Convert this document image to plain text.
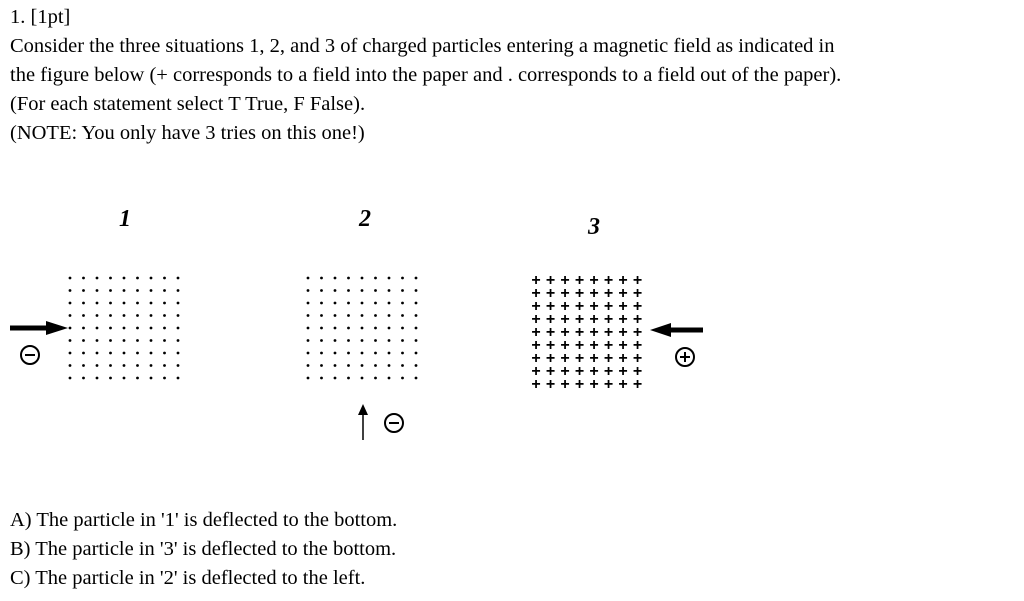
1. [1pt]
Consider the three situations 1, 2, and 3 of charged particles entering a magnetic field as indicated in
the figure below (+ corresponds to a field into the paper and . corresponds to a field out of the paper).
(For each statement select T True, F False).
(NOTE: You only have 3 tries on this one!)
1	2	3
+ + + + + + + +
+ + + + + + + +
+ + + + + + + +
+ + + + + + + +
+ + + + + + + +
+ + + + + + + +
+ + + + + + + +
+ + + + + + + +
+ + + + + + + +
A) The particle in '1' is deflected to the bottom.
B) The particle in '3' is deflected to the bottom.
C) The particle in '2' is deflected to the left.
